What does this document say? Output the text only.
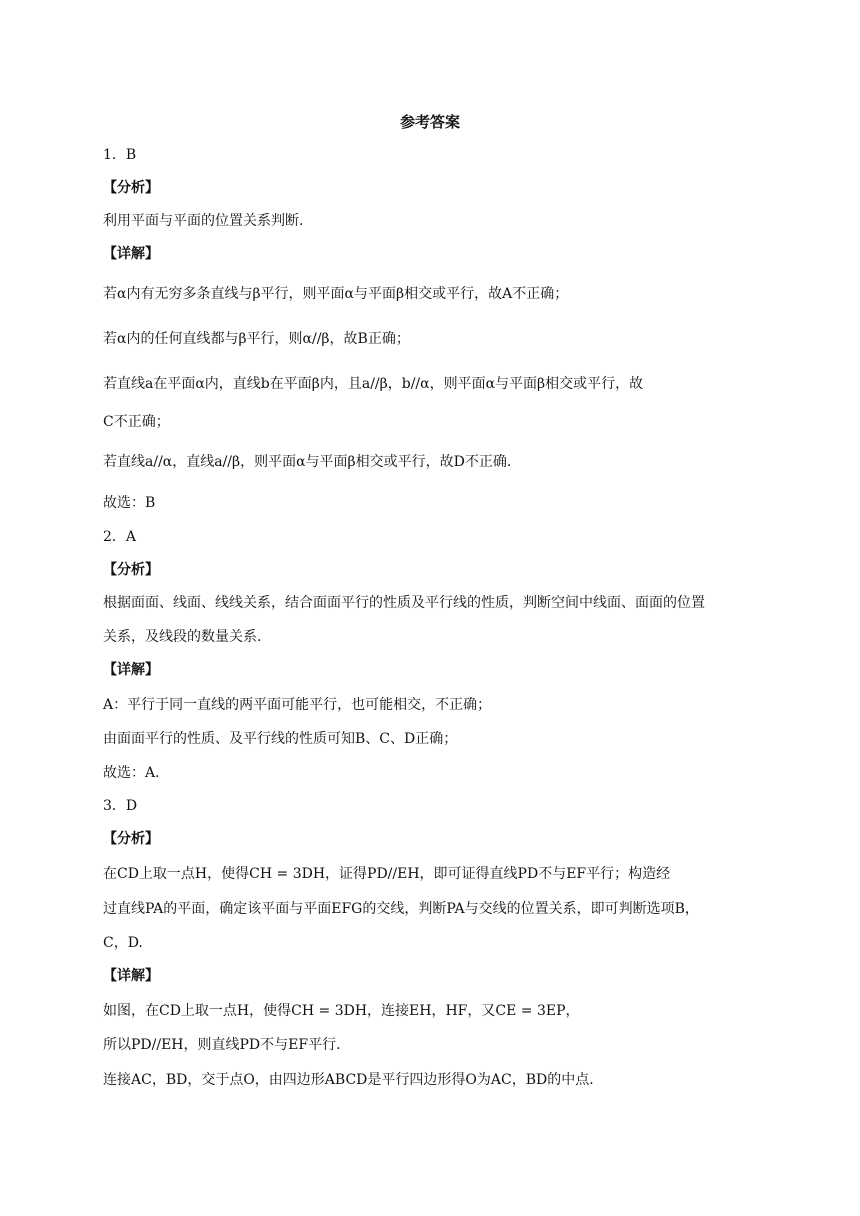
参考答案
1．B
【分析】
利用平面与平面的位置关系判断.
【详解】
若α内有无穷多条直线与β平行，则平面α与平面β相交或平行，故A不正确；
若α内的任何直线都与β平行，则α//β，故B正确；
若直线a在平面α内，直线b在平面β内，且a//β，b//α，则平面α与平面β相交或平行，故
C不正确；
若直线a//α，直线a//β，则平面α与平面β相交或平行，故D不正确.
故选：B
2．A
【分析】
根据面面、线面、线线关系，结合面面平行的性质及平行线的性质，判断空间中线面、面面的位置
关系，及线段的数量关系.
【详解】
A：平行于同一直线的两平面可能平行，也可能相交，不正确；
由面面平行的性质、及平行线的性质可知B、C、D正确；
故选：A.
3．D
【分析】
在CD上取一点H，使得CH = 3DH，证得PD//EH，即可证得直线PD不与EF平行；构造经
过直线PA的平面，确定该平面与平面EFG的交线，判断PA与交线的位置关系，即可判断选项B，
C，D.
【详解】
如图，在CD上取一点H，使得CH = 3DH，连接EH，HF，又CE = 3EP，
所以PD//EH，则直线PD不与EF平行.
连接AC，BD，交于点O，由四边形ABCD是平行四边形得O为AC，BD的中点.
